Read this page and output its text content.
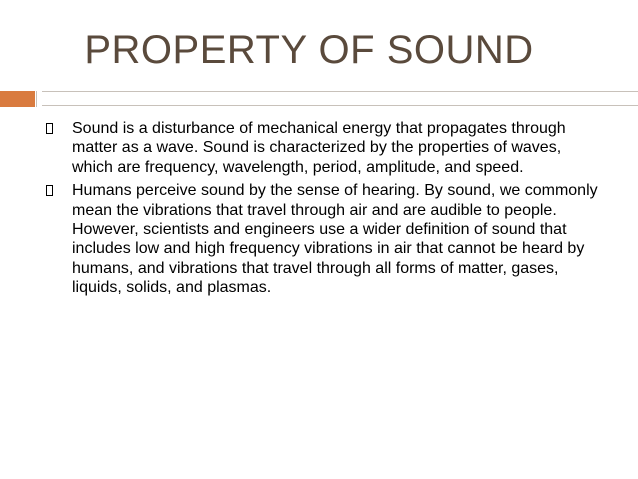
PROPERTY OF SOUND
Sound is a disturbance of mechanical energy that propagates through matter as a wave. Sound is characterized by the properties of waves, which are frequency, wavelength, period, amplitude, and speed.
Humans perceive sound by the sense of hearing. By sound, we commonly mean the vibrations that travel through air and are audible to people. However, scientists and engineers use a wider definition of sound that includes low and high frequency vibrations in air that cannot be heard by humans, and vibrations that travel through all forms of matter, gases, liquids, solids, and plasmas.
